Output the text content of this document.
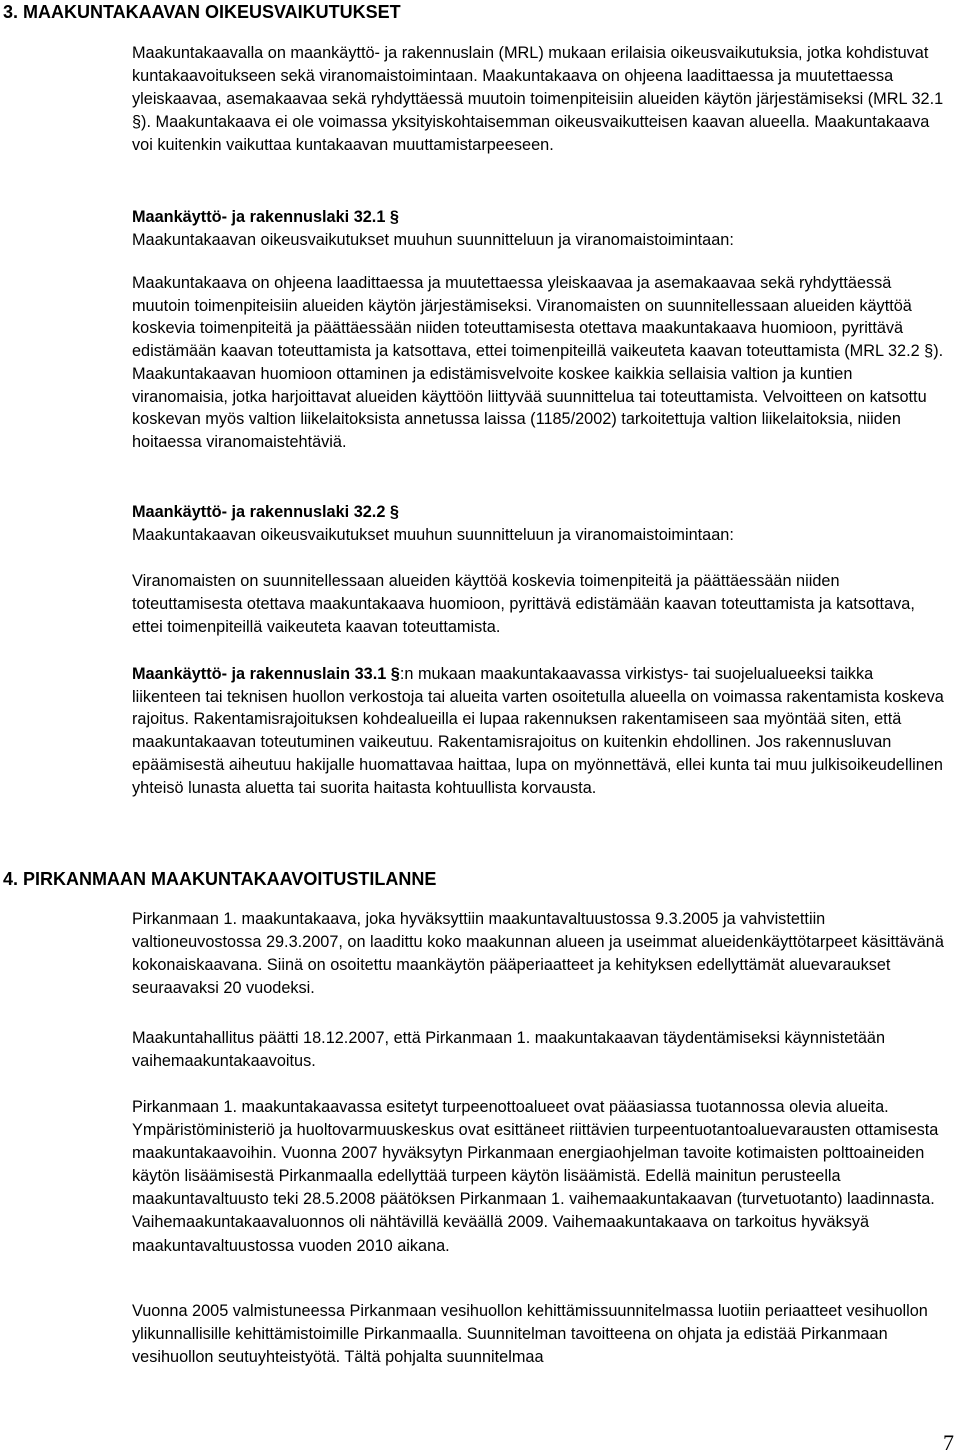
3. MAAKUNTAKAAVAN OIKEUSVAIKUTUKSET

Maakuntakaavalla on maankäyttö- ja rakennuslain (MRL) mukaan erilaisia oikeusvaikutuksia, jotka kohdistuvat kuntakaavoitukseen sekä viranomaistoimintaan. Maakuntakaava on ohjeena laadittaessa ja muutettaessa yleiskaavaa, asemakaavaa sekä ryhdyttäessä muutoin toimenpiteisiin alueiden käytön järjestämiseksi (MRL 32.1 §). Maakuntakaava ei ole voimassa yksityiskohtaisemman oikeusvaikutteisen kaavan alueella. Maakuntakaava voi kuitenkin vaikuttaa kuntakaavan muuttamistarpeeseen.

Maankäyttö- ja rakennuslaki 32.1 §
Maakuntakaavan oikeusvaikutukset muuhun suunnitteluun ja viranomaistoimintaan:

Maakuntakaava on ohjeena laadittaessa ja muutettaessa yleiskaavaa ja asemakaavaa sekä ryhdyttäessä muutoin toimenpiteisiin alueiden käytön järjestämiseksi. Viranomaisten on suunnitellessaan alueiden käyttöä koskevia toimenpiteitä ja päättäessään niiden toteuttamisesta otettava maakuntakaava huomioon, pyrittävä edistämään kaavan toteuttamista ja katsottava, ettei toimenpiteillä vaikeuteta kaavan toteuttamista (MRL 32.2 §). Maakuntakaavan huomioon ottaminen ja edistämisvelvoite koskee kaikkia sellaisia valtion ja kuntien viranomaisia, jotka harjoittavat alueiden käyttöön liittyvää suunnittelua tai toteuttamista. Velvoitteen on katsottu koskevan myös valtion liikelaitoksista annetussa laissa (1185/2002) tarkoitettuja valtion liikelaitoksia, niiden hoitaessa viranomaistehtäviä.

Maankäyttö- ja rakennuslaki 32.2 §
Maakuntakaavan oikeusvaikutukset muuhun suunnitteluun ja viranomaistoimintaan:

Viranomaisten on suunnitellessaan alueiden käyttöä koskevia toimenpiteitä ja päättäessään niiden toteuttamisesta otettava maakuntakaava huomioon, pyrittävä edistämään kaavan toteuttamista ja katsottava, ettei toimenpiteillä vaikeuteta kaavan toteuttamista.

Maankäyttö- ja rakennuslain 33.1 §:n mukaan maakuntakaavassa virkistys- tai suojelualueeksi taikka liikenteen tai teknisen huollon verkostoja tai alueita varten osoitetulla alueella on voimassa rakentamista koskeva rajoitus. Rakentamisrajoituksen kohdealueilla ei lupaa rakennuksen rakentamiseen saa myöntää siten, että maakuntakaavan toteutuminen vaikeutuu. Rakentamisrajoitus on kuitenkin ehdollinen. Jos rakennusluvan epäämisestä aiheutuu hakijalle huomattavaa haittaa, lupa on myönnettävä, ellei kunta tai muu julkisoikeudellinen yhteisö lunasta aluetta tai suorita haitasta kohtuullista korvausta.

4. PIRKANMAAN MAAKUNTAKAAVOITUSTILANNE

Pirkanmaan 1. maakuntakaava, joka hyväksyttiin maakuntavaltuustossa 9.3.2005 ja vahvistettiin valtioneuvostossa 29.3.2007, on laadittu koko maakunnan alueen ja useimmat alueidenkäyttötarpeet käsittävänä kokonaiskaavana. Siinä on osoitettu maankäytön pääperiaatteet ja kehityksen edellyttämät aluevaraukset seuraavaksi 20 vuodeksi.

Maakuntahallitus päätti 18.12.2007, että Pirkanmaan 1. maakuntakaavan täydentämiseksi käynnistetään vaihemaakuntakaavoitus.

Pirkanmaan 1. maakuntakaavassa esitetyt turpeenottoalueet ovat pääasiassa tuotannossa olevia alueita. Ympäristöministeriö ja huoltovarmuuskeskus ovat esittäneet riittävien turpeentuotantoaluevarausten ottamisesta maakuntakaavoihin. Vuonna 2007 hyväksytyn Pirkanmaan energiaohjelman tavoite kotimaisten polttoaineiden käytön lisäämisestä Pirkanmaalla edellyttää turpeen käytön lisäämistä. Edellä mainitun perusteella maakuntavaltuusto teki 28.5.2008 päätöksen Pirkanmaan 1. vaihemaakuntakaavan (turvetuotanto) laadinnasta. Vaihemaakuntakaavaluonnos oli nähtävillä keväällä 2009. Vaihemaakuntakaava on tarkoitus hyväksyä maakuntavaltuustossa vuoden 2010 aikana.

Vuonna 2005 valmistuneessa Pirkanmaan vesihuollon kehittämissuunnitelmassa luotiin periaatteet vesihuollon ylikunnallisille kehittämistoimille Pirkanmaalla. Suunnitelman tavoitteena on ohjata ja edistää Pirkanmaan vesihuollon seutuyhteistyötä. Tältä pohjalta suunnitelmaa

7
